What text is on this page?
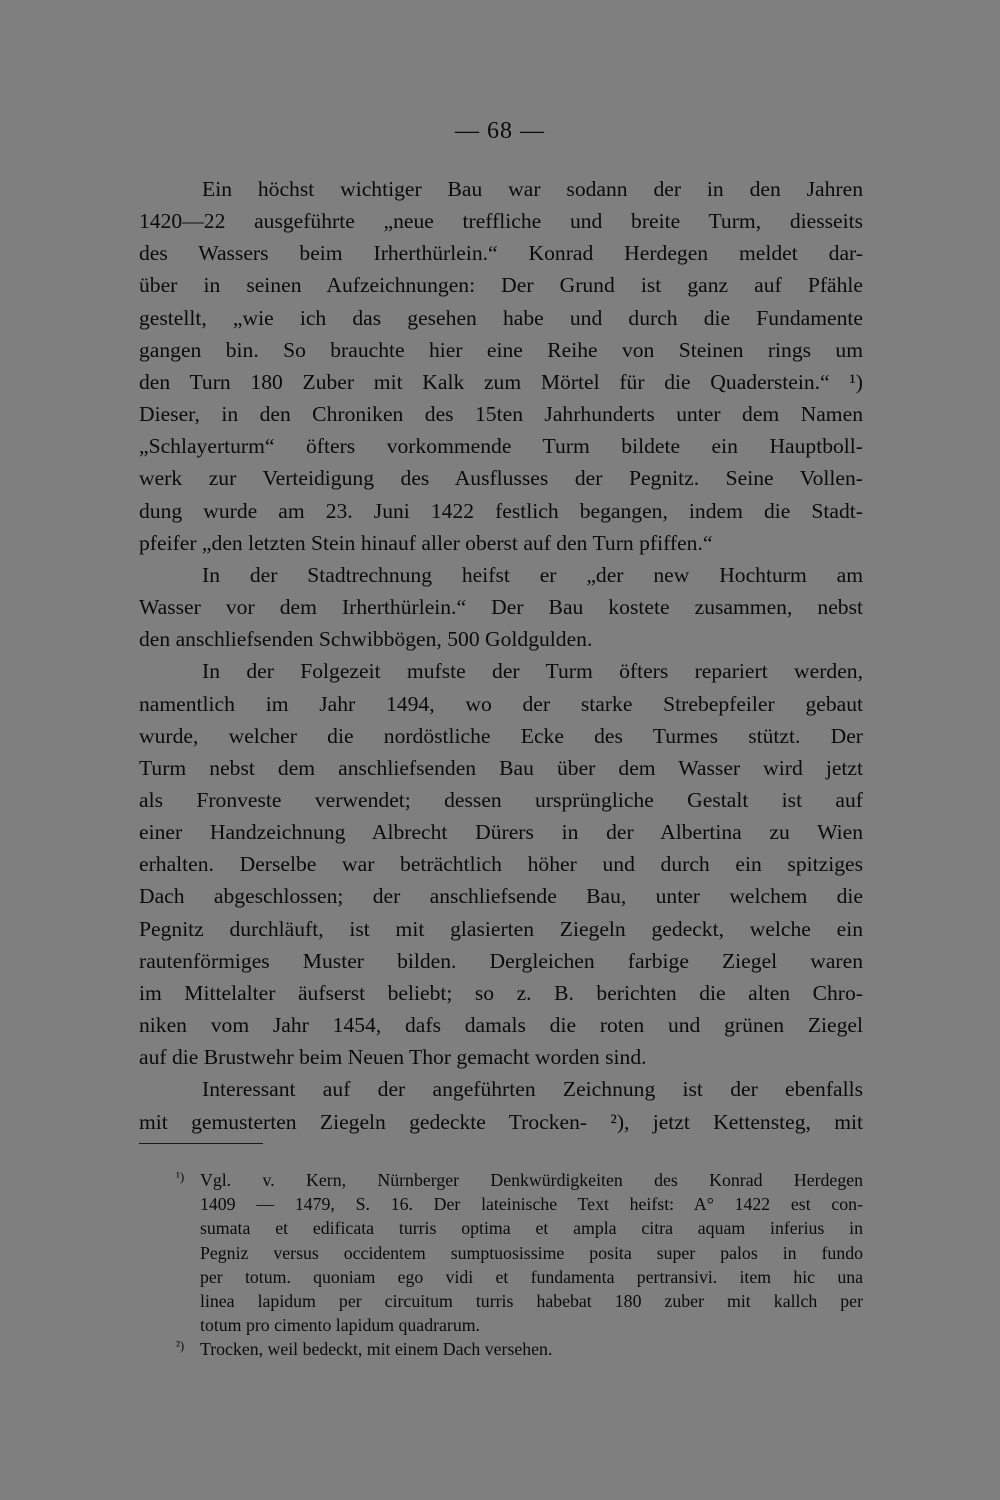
— 68 —
Ein höchst wichtiger Bau war sodann der in den Jahren
1420—22 ausgeführte „neue treffliche und breite Turm, diesseits
des Wassers beim Irherthürlein.“ Konrad Herdegen meldet dar-
über in seinen Aufzeichnungen: Der Grund ist ganz auf Pfähle
gestellt, „wie ich das gesehen habe und durch die Fundamente
gangen bin. So brauchte hier eine Reihe von Steinen rings um
den Turn 180 Zuber mit Kalk zum Mörtel für die Quaderstein.“ ¹)
Dieser, in den Chroniken des 15ten Jahrhunderts unter dem Namen
„Schlayerturm“ öfters vorkommende Turm bildete ein Hauptboll-
werk zur Verteidigung des Ausflusses der Pegnitz. Seine Vollen-
dung wurde am 23. Juni 1422 festlich begangen, indem die Stadt-
pfeifer „den letzten Stein hinauf aller oberst auf den Turn pfiffen.“
In der Stadtrechnung heifst er „der new Hochturm am
Wasser vor dem Irherthürlein.“ Der Bau kostete zusammen, nebst
den anschliefsenden Schwibbögen, 500 Goldgulden.
In der Folgezeit mufste der Turm öfters repariert werden,
namentlich im Jahr 1494, wo der starke Strebepfeiler gebaut
wurde, welcher die nordöstliche Ecke des Turmes stützt. Der
Turm nebst dem anschliefsenden Bau über dem Wasser wird jetzt
als Fronveste verwendet; dessen ursprüngliche Gestalt ist auf
einer Handzeichnung Albrecht Dürers in der Albertina zu Wien
erhalten. Derselbe war beträchtlich höher und durch ein spitziges
Dach abgeschlossen; der anschliefsende Bau, unter welchem die
Pegnitz durchläuft, ist mit glasierten Ziegeln gedeckt, welche ein
rautenförmiges Muster bilden. Dergleichen farbige Ziegel waren
im Mittelalter äufserst beliebt; so z. B. berichten die alten Chro-
niken vom Jahr 1454, dafs damals die roten und grünen Ziegel
auf die Brustwehr beim Neuen Thor gemacht worden sind.
Interessant auf der angeführten Zeichnung ist der ebenfalls
mit gemusterten Ziegeln gedeckte Trocken- ²), jetzt Kettensteg, mit
¹) Vgl. v. Kern, Nürnberger Denkwürdigkeiten des Konrad Herdegen
1409 — 1479, S. 16. Der lateinische Text heifst: A° 1422 est con-
sumata et edificata turris optima et ampla citra aquam inferius in
Pegniz versus occidentem sumptuosissime posita super palos in fundo
per totum. quoniam ego vidi et fundamenta pertransivi. item hic una
linea lapidum per circuitum turris habebat 180 zuber mit kallch per
totum pro cimento lapidum quadrarum.
²) Trocken, weil bedeckt, mit einem Dach versehen.
